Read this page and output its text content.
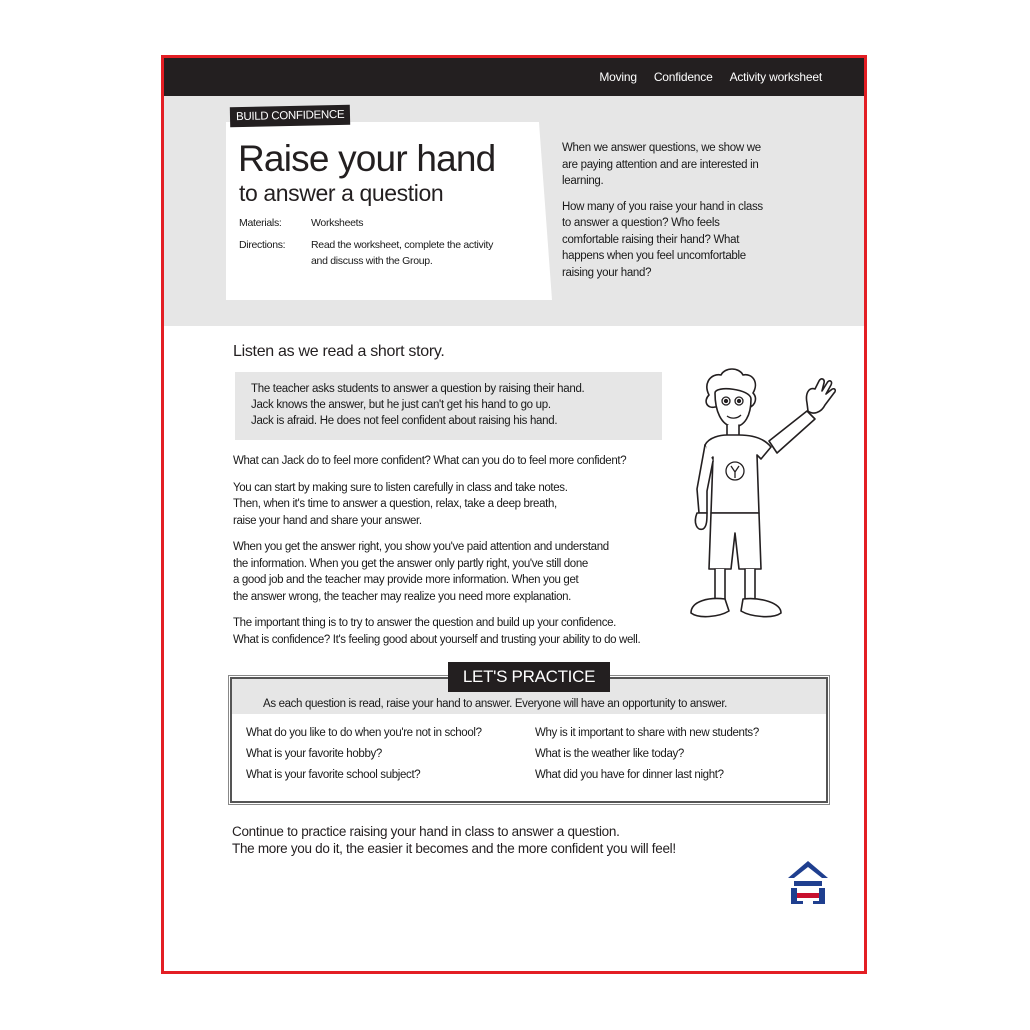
Moving Confidence Activity worksheet
BUILD CONFIDENCE
Raise your hand
to answer a question
Materials:	Worksheets
Directions:	Read the worksheet, complete the activity and discuss with the Group.

When we answer questions, we show we are paying attention and are interested in learning.

How many of you raise your hand in class to answer a question? Who feels comfortable raising their hand? What happens when you feel uncomfortable raising your hand?

Listen as we read a short story.
The teacher asks students to answer a question by raising their hand.
Jack knows the answer, but he just can't get his hand to go up.
Jack is afraid. He does not feel confident about raising his hand.

What can Jack do to feel more confident? What can you do to feel more confident?

You can start by making sure to listen carefully in class and take notes.
Then, when it's time to answer a question, relax, take a deep breath,
raise your hand and share your answer.

When you get the answer right, you show you've paid attention and understand
the information. When you get the answer only partly right, you've still done
a good job and the teacher may provide more information. When you get
the answer wrong, the teacher may realize you need more explanation.

The important thing is to try to answer the question and build up your confidence.
What is confidence? It's feeling good about yourself and trusting your ability to do well.

As each question is read, raise your hand to answer. Everyone will have an opportunity to answer.
What do you like to do when you're not in school?
What is your favorite hobby?
What is your favorite school subject?
Why is it important to share with new students?
What is the weather like today?
What did you have for dinner last night?
LET'S PRACTICE
Continue to practice raising your hand in class to answer a question.
The more you do it, the easier it becomes and the more confident you will feel!
